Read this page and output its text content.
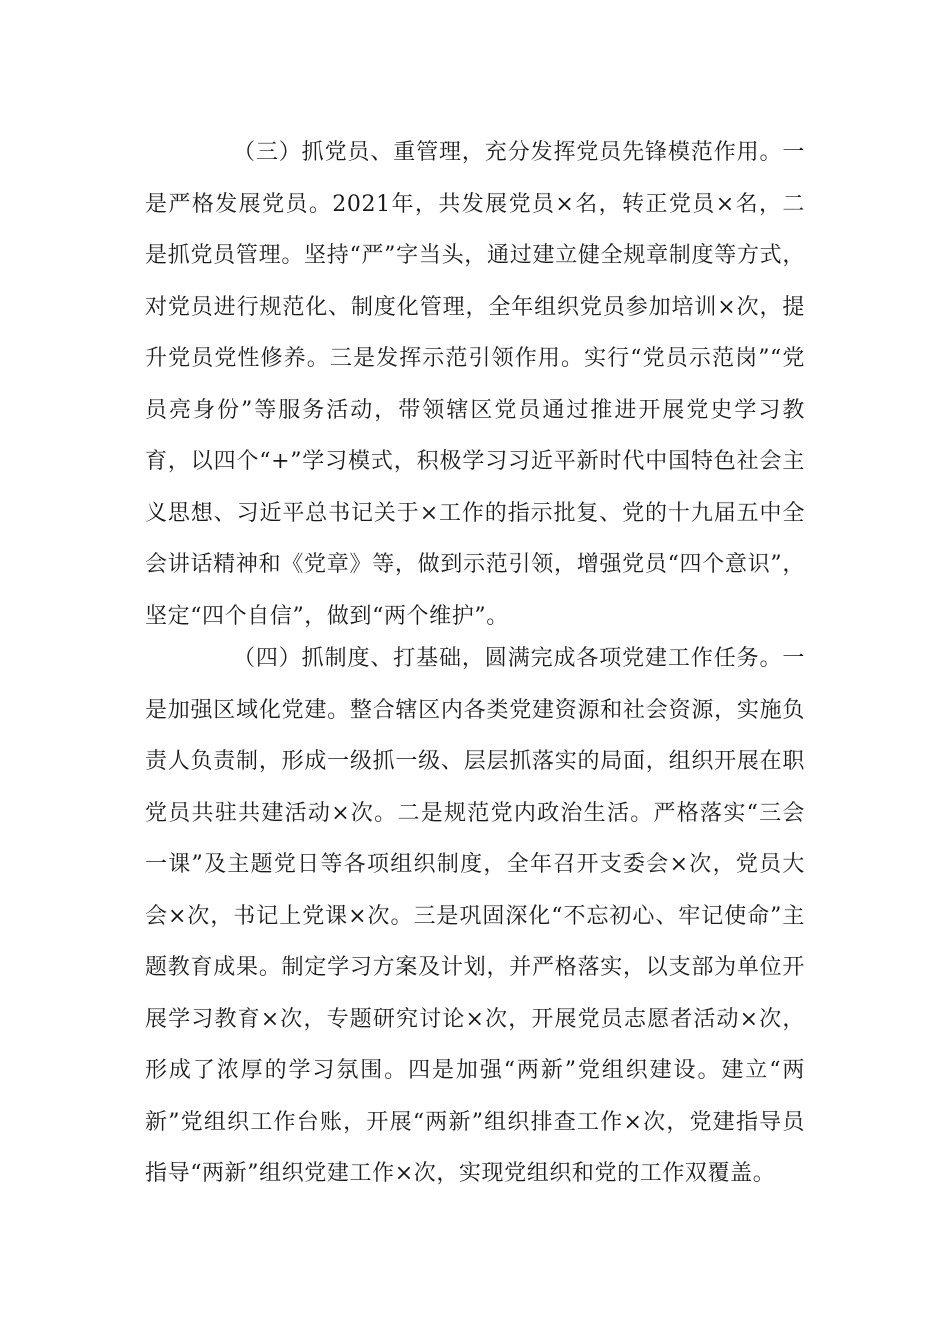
（三）抓党员、重管理，充分发挥党员先锋模范作用。一是严格发展党员。2021年，共发展党员×名，转正党员×名，二是抓党员管理。坚持“严”字当头，通过建立健全规章制度等方式，对党员进行规范化、制度化管理，全年组织党员参加培训×次，提升党员党性修养。三是发挥示范引领作用。实行“党员示范岗”“党员亮身份”等服务活动，带领辖区党员通过推进开展党史学习教育，以四个“+”学习模式，积极学习习近平新时代中国特色社会主义思想、习近平总书记关于×工作的指示批复、党的十九届五中全会讲话精神和《党章》等，做到示范引领，增强党员“四个意识”，坚定“四个自信”，做到“两个维护”。

（四）抓制度、打基础，圆满完成各项党建工作任务。一是加强区域化党建。整合辖区内各类党建资源和社会资源，实施负责人负责制，形成一级抓一级、层层抓落实的局面，组织开展在职党员共驻共建活动×次。二是规范党内政治生活。严格落实“三会一课”及主题党日等各项组织制度，全年召开支委会×次，党员大会×次，书记上党课×次。三是巩固深化“不忘初心、牢记使命”主题教育成果。制定学习方案及计划，并严格落实，以支部为单位开展学习教育×次，专题研究讨论×次，开展党员志愿者活动×次，形成了浓厚的学习氛围。四是加强“两新”党组织建设。建立“两新”党组织工作台账，开展“两新”组织排查工作×次，党建指导员指导“两新”组织党建工作×次，实现党组织和党的工作双覆盖。
